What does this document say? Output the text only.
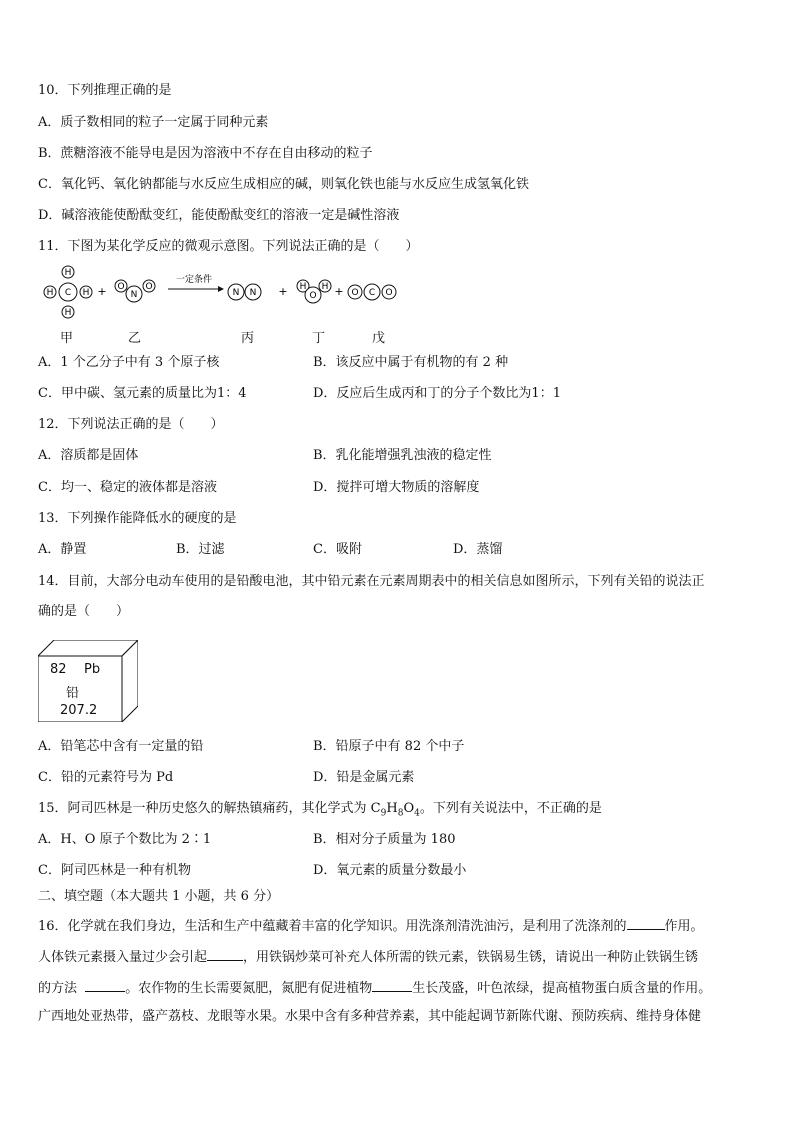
10．下列推理正确的是
A．质子数相同的粒子一定属于同种元素
B．蔗糖溶液不能导电是因为溶液中不存在自由移动的粒子
C．氧化钙、氧化钠都能与水反应生成相应的碱，则氧化铁也能与水反应生成氢氧化铁
D．碱溶液能使酚酞变红，能使酚酞变红的溶液一定是碱性溶液
11．下图为某化学反应的微观示意图。下列说法正确的是（　　）
C
H
H
H	H + O
N
O
一定条件
N N + H
O
H + O C O
甲	乙	丙	丁	戊
A．1 个乙分子中有 3 个原子核	B．该反应中属于有机物的有 2 种
C．甲中碳、氢元素的质量比为1：4	D．反应后生成丙和丁的分子个数比为1：1
12．下列说法正确的是（　　）
A．溶质都是固体	B．乳化能增强乳浊液的稳定性
C．均一、稳定的液体都是溶液	D．搅拌可增大物质的溶解度
13．下列操作能降低水的硬度的是
A．静置	B．过滤	C．吸附	D．蒸馏
14．目前，大部分电动车使用的是铅酸电池，其中铅元素在元素周期表中的相关信息如图所示，下列有关铅的说法正
确的是（　　）
82 Pb
铅
207.2
A．铅笔芯中含有一定量的铅	B．铅原子中有 82 个中子
C．铅的元素符号为 Pd	D．铅是金属元素
15．阿司匹林是一种历史悠久的解热镇痛药，其化学式为 $C_9H_8O_4$。下列有关说法中，不正确的是
A．H、O 原子个数比为 2∶1	B．相对分子质量为 180
C．阿司匹林是一种有机物	D．氧元素的质量分数最小
二、填空题（本大题共 1 小题，共 6 分）
16．化学就在我们身边，生活和生产中蕴藏着丰富的化学知识。用洗涤剂清洗油污，是利用了洗涤剂的	作用。
人体铁元素摄入量过少会引起	，用铁锅炒菜可补充人体所需的铁元素，铁锅易生锈，请说出一种防止铁锅生锈
的方法	。农作物的生长需要氮肥，氮肥有促进植物	生长茂盛，叶色浓绿，提高植物蛋白质含量的作用。
广西地处亚热带，盛产荔枝、龙眼等水果。水果中含有多种营养素，其中能起调节新陈代谢、预防疾病、维持身体健
